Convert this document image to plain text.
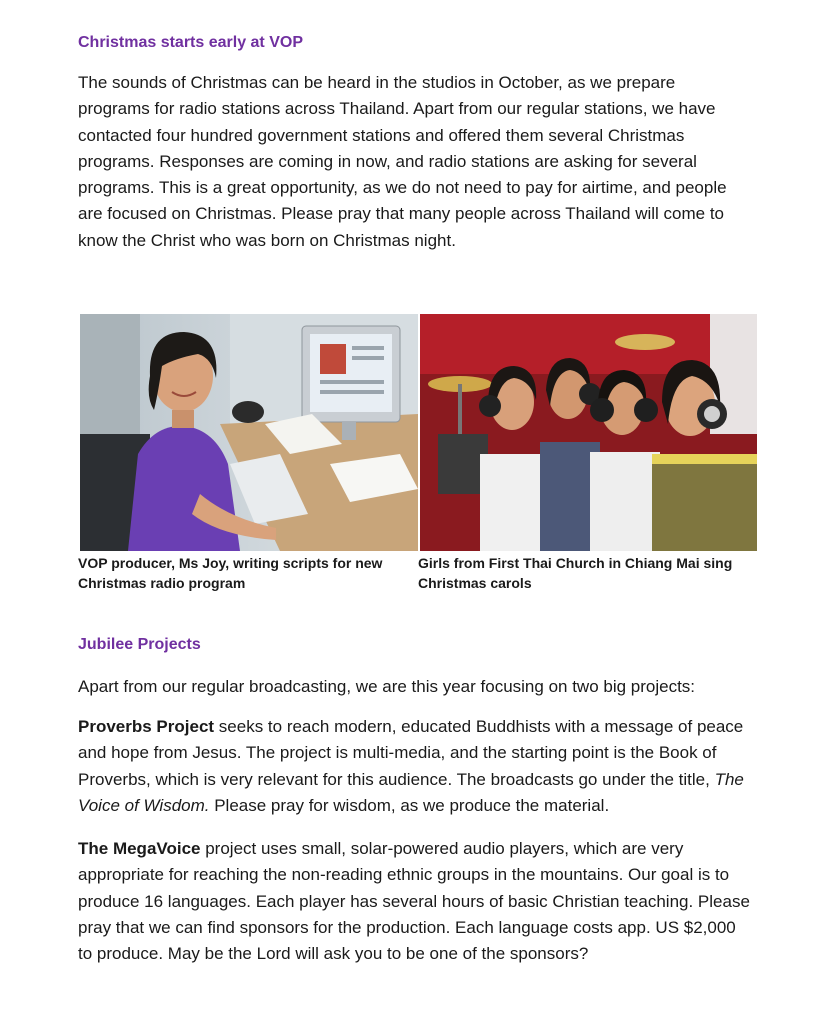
Christmas starts early at VOP

The sounds of Christmas can be heard in the studios in October, as we prepare programs for radio stations across Thailand. Apart from our regular stations, we have contacted four hundred government stations and offered them several Christmas programs. Responses are coming in now, and radio stations are asking for several programs. This is a great opportunity, as we do not need to pay for airtime, and people are focused on Christmas. Please pray that many people across Thailand will come to know the Christ who was born on Christmas night.

VOP producer, Ms Joy, writing scripts for new Christmas radio program

Girls from First Thai Church in Chiang Mai sing Christmas carols

Jubilee Projects

Apart from our regular broadcasting, we are this year focusing on two big projects:

Proverbs Project seeks to reach modern, educated Buddhists with a message of peace and hope from Jesus. The project is multi-media, and the starting point is the Book of Proverbs, which is very relevant for this audience. The broadcasts go under the title, The Voice of Wisdom. Please pray for wisdom, as we produce the material.

The MegaVoice project uses small, solar-powered audio players, which are very appropriate for reaching the non-reading ethnic groups in the mountains. Our goal is to produce 16 languages. Each player has several hours of basic Christian teaching. Please pray that we can find sponsors for the production. Each language costs app. US $2,000 to produce. May be the Lord will ask you to be one of the sponsors?
